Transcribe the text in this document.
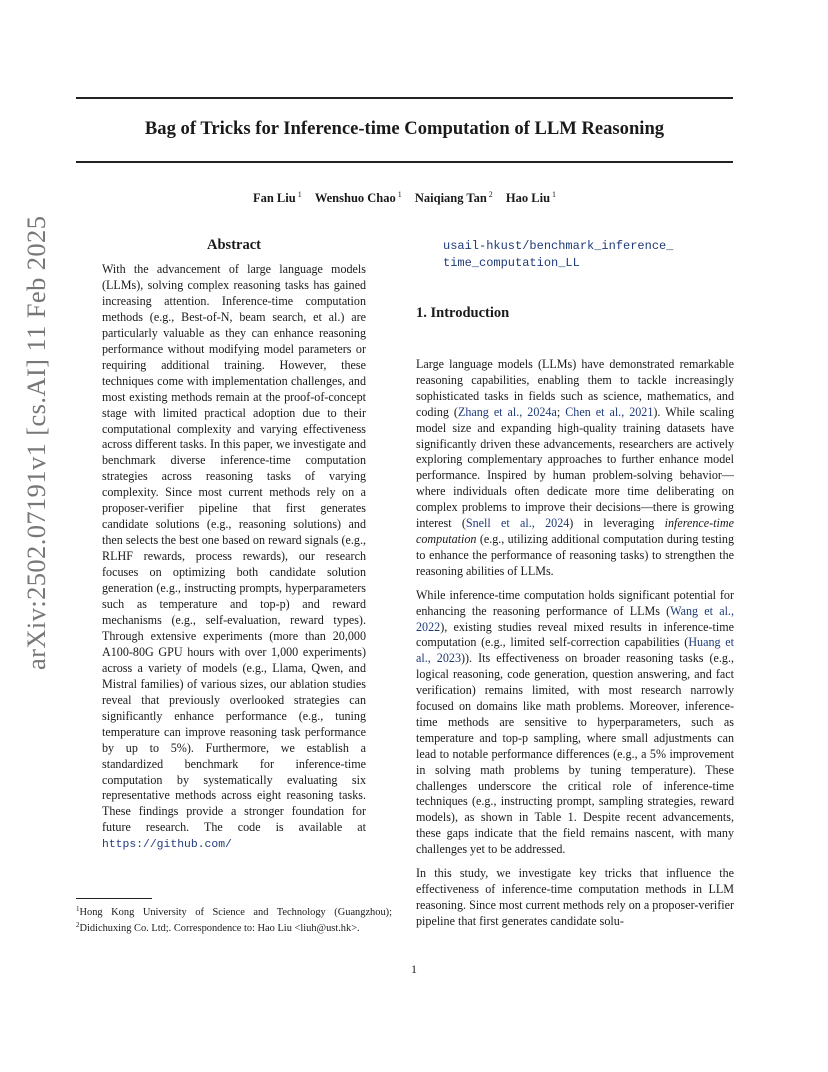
Bag of Tricks for Inference-time Computation of LLM Reasoning
Fan Liu $^1$ Wenshuo Chao $^1$ Naiqiang Tan $^2$ Hao Liu $^1$
arXiv:2502.07191v1 [cs.AI] 11 Feb 2025	Abstract
With the advancement of large language models (LLMs), solving complex reasoning tasks has gained increasing attention. Inference-time computation methods (e.g., Best-of-N, beam search, et al.) are particularly valuable as they can enhance reasoning performance without modifying model parameters or requiring additional training. However, these techniques come with implementation challenges, and most existing methods remain at the proof-of-concept stage with limited practical adoption due to their computational complexity and varying effectiveness across different tasks. In this paper, we investigate and benchmark diverse inference-time computation strategies across reasoning tasks of varying complexity. Since most current methods rely on a proposer-verifier pipeline that first generates candidate solutions (e.g., reasoning solutions) and then selects the best one based on reward signals (e.g., RLHF rewards, process rewards), our research focuses on optimizing both candidate solution generation (e.g., instructing prompts, hyperparameters such as temperature and top-p) and reward mechanisms (e.g., self-evaluation, reward types). Through extensive experiments (more than 20,000 A100-80G GPU hours with over 1,000 experiments) across a variety of models (e.g., Llama, Qwen, and Mistral families) of various sizes, our ablation studies reveal that previously overlooked strategies can significantly enhance performance (e.g., tuning temperature can improve reasoning task performance by up to 5%). Furthermore, we establish a standardized benchmark for inference-time computation by systematically evaluating six representative methods across eight reasoning tasks. These findings provide a stronger foundation for future research. The code is available at https://github.com/
usail-hkust/benchmark_inference_
time_computation_LL
1. Introduction

Large language models (LLMs) have demonstrated remarkable reasoning capabilities, enabling them to tackle increasingly sophisticated tasks in fields such as science, mathematics, and coding (Zhang et al., 2024a; Chen et al., 2021). While scaling model size and expanding high-quality training datasets have significantly driven these advancements, researchers are actively exploring complementary approaches to further enhance model performance. Inspired by human problem-solving behavior—where individuals often dedicate more time deliberating on complex problems to improve their decisions—there is growing interest (Snell et al., 2024) in leveraging inference-time computation (e.g., utilizing additional computation during testing to enhance the performance of reasoning tasks) to strengthen the reasoning abilities of LLMs.

While inference-time computation holds significant potential for enhancing the reasoning performance of LLMs (Wang et al., 2022), existing studies reveal mixed results in inference-time computation (e.g., limited self-correction capabilities (Huang et al., 2023)). Its effectiveness on broader reasoning tasks (e.g., logical reasoning, code generation, question answering, and fact verification) remains limited, with most research narrowly focused on domains like math problems. Moreover, inference-time methods are sensitive to hyperparameters, such as temperature and top-p sampling, where small adjustments can lead to notable performance differences (e.g., a 5% improvement in solving math problems by tuning temperature). These challenges underscore the critical role of inference-time techniques (e.g., instructing prompt, sampling strategies, reward models), as shown in Table 1. Despite recent advancements, these gaps indicate that the field remains nascent, with many challenges yet to be addressed.

In this study, we investigate key tricks that influence the effectiveness of inference-time computation methods in LLM reasoning. Since most current methods rely on a proposer-verifier pipeline that first generates candidate solu-

$^1$Hong Kong University of Science and Technology (Guangzhou); $^2$Didichuxing Co. Ltd;. Correspondence to: Hao Liu <liuh@ust.hk>.
1
